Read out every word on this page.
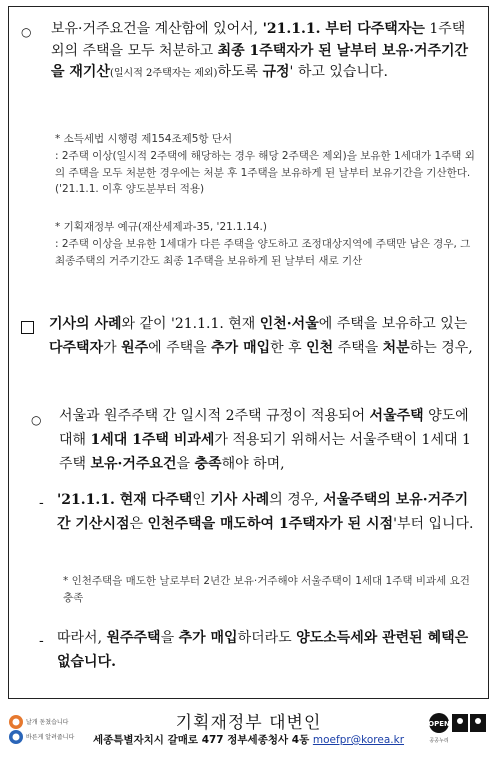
○ 보유·거주요건을 계산함에 있어서, '21.1.1. 부터 다주택자는 1주택 외의 주택을 모두 처분하고 최종 1주택자가 된 날부터 보유·거주기간을 재기산(일시적 2주택자는 제외)하도록 규정' 하고 있습니다.
* 소득세법 시행령 제154조제5항 단서
: 2주택 이상(일시적 2주택에 해당하는 경우 해당 2주택은 제외)을 보유한 1세대가 1주택 외의 주택을 모두 처분한 경우에는 처분 후 1주택을 보유하게 된 날부터 보유기간을 기산한다.('21.1.1. 이후 양도분부터 적용)
* 기획재정부 예규(재산세제과-35, '21.1.14.)
: 2주택 이상을 보유한 1세대가 다른 주택을 양도하고 조정대상지역에 주택만 남은 경우, 그 최종주택의 거주기간도 최종 1주택을 보유하게 된 날부터 새로 기산
기사의 사례와 같이 '21.1.1. 현재 인천·서울에 주택을 보유하고 있는 다주택자가 원주에 주택을 추가 매입한 후 인천 주택을 처분하는 경우,
○ 서울과 원주주택 간 일시적 2주택 규정이 적용되어 서울주택 양도에 대해 1세대 1주택 비과세가 적용되기 위해서는 서울주택이 1세대 1주택 보유·거주요건을 충족해야 하며,
- '21.1.1. 현재 다주택인 기사 사례의 경우, 서울주택의 보유·거주기간 기산시점은 인천주택을 매도하여 1주택자가 된 시점'부터 입니다.
* 인천주택을 매도한 날로부터 2년간 보유·거주해야 서울주택이 1세대 1주택 비과세 요건 충족
- 따라서, 원주주택을 추가 매입하더라도 양도소득세와 관련된 혜택은 없습니다.
날개 돋쳤습니다
바른게 알려줍니다
기획재정부 대변인
세종특별자치시 갈매로 477 정부세종청사 4동 moefpr@korea.kr
OPEN
공공누리
